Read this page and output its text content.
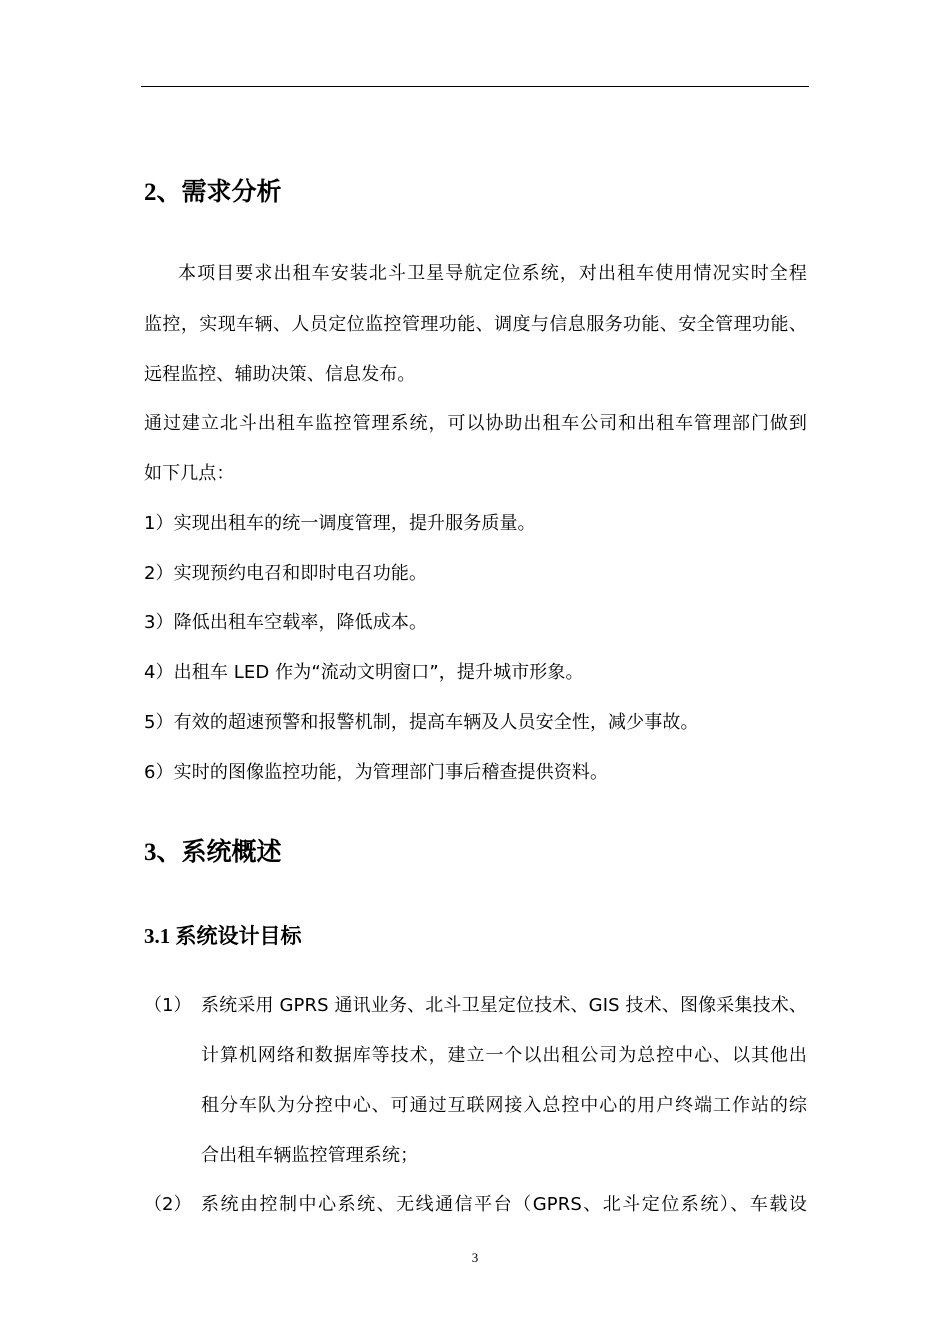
2、需求分析
本项目要求出租车安装北斗卫星导航定位系统，对出租车使用情况实时全程
监控，实现车辆、人员定位监控管理功能、调度与信息服务功能、安全管理功能、
远程监控、辅助决策、信息发布。
通过建立北斗出租车监控管理系统，可以协助出租车公司和出租车管理部门做到
如下几点：
1）实现出租车的统一调度管理，提升服务质量。
2）实现预约电召和即时电召功能。
3）降低出租车空载率，降低成本。
4）出租车 LED 作为“流动文明窗口”，提升城市形象。
5）有效的超速预警和报警机制，提高车辆及人员安全性，减少事故。
6）实时的图像监控功能，为管理部门事后稽查提供资料。
3、系统概述
3.1 系统设计目标
（1） 系统采用 GPRS 通讯业务、北斗卫星定位技术、GIS 技术、图像采集技术、
计算机网络和数据库等技术，建立一个以出租公司为总控中心、以其他出
租分车队为分控中心、可通过互联网接入总控中心的用户终端工作站的综
合出租车辆监控管理系统；
（2） 系统由控制中心系统、无线通信平台（GPRS、北斗定位系统）、车载设
3
